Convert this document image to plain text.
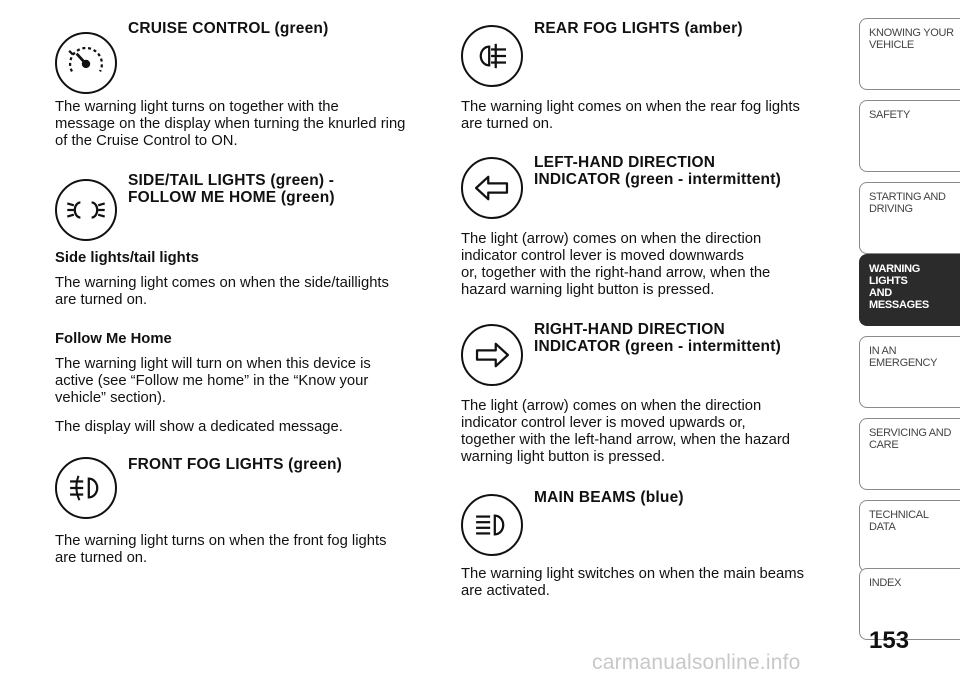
CRUISE CONTROL (green)

The warning light turns on together with the
message on the display when turning the knurled ring
of the Cruise Control to ON.

SIDE/TAIL LIGHTS (green) -
FOLLOW ME HOME (green)

Side lights/tail lights

The warning light comes on when the side/taillights
are turned on.

Follow Me Home

The warning light will turn on when this device is
active (see “Follow me home” in the “Know your
vehicle” section).

The display will show a dedicated message.

FRONT FOG LIGHTS (green)

The warning light turns on when the front fog lights
are turned on.

REAR FOG LIGHTS (amber)

The warning light comes on when the rear fog lights
are turned on.

LEFT-HAND DIRECTION
INDICATOR (green - intermittent)

The light (arrow) comes on when the direction
indicator control lever is moved downwards
or, together with the right-hand arrow, when the
hazard warning light button is pressed.

RIGHT-HAND DIRECTION
INDICATOR (green - intermittent)

The light (arrow) comes on when the direction
indicator control lever is moved upwards or,
together with the left-hand arrow, when the hazard
warning light button is pressed.

MAIN BEAMS (blue)

The warning light switches on when the main beams
are activated.

KNOWING YOUR
VEHICLE
SAFETY

STARTING AND
DRIVING
WARNING LIGHTS
AND MESSAGES
IN AN EMERGENCY

SERVICING AND
CARE
TECHNICAL DATA

INDEX

153
carmanualsonline.info
